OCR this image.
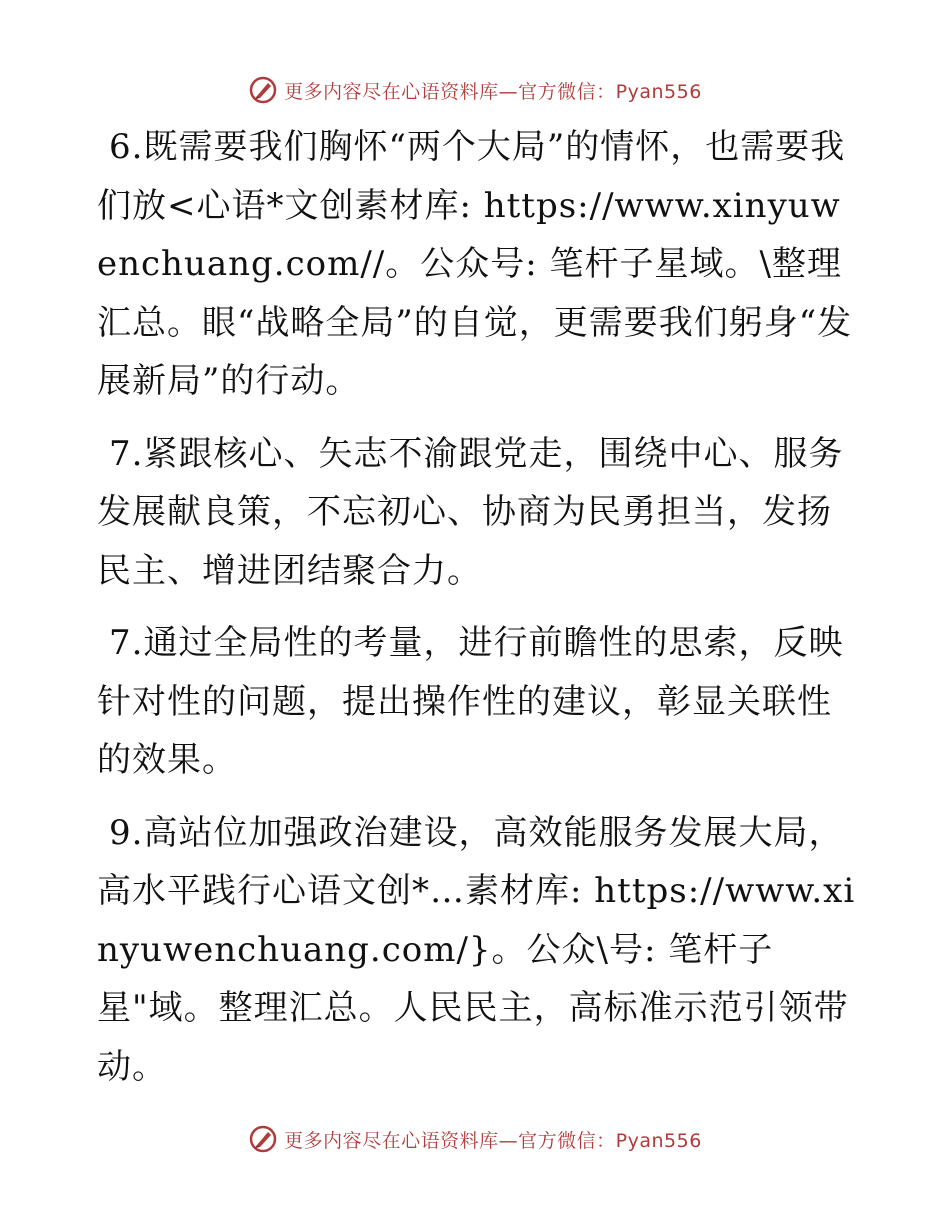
更多内容尽在心语资料库—官方微信：Pyan556

6.既需要我们胸怀“两个大局”的情怀，也需要我们放<心语*文创素材库: https://www.xinyuwenchuang.com//。公众号: 笔杆子星域。\整理汇总。眼“战略全局”的自觉，更需要我们躬身“发展新局”的行动。

7.紧跟核心、矢志不渝跟党走，围绕中心、服务发展献良策，不忘初心、协商为民勇担当，发扬民主、增进团结聚合力。

7.通过全局性的考量，进行前瞻性的思索，反映针对性的问题，提出操作性的建议，彰显关联性的效果。

9.高站位加强政治建设，高效能服务发展大局，高水平践行心语文创*…素材库: https://www.xinyuwenchuang.com/}。公众\号: 笔杆子星"域。整理汇总。人民民主，高标准示范引领带动。

更多内容尽在心语资料库—官方微信：Pyan556
